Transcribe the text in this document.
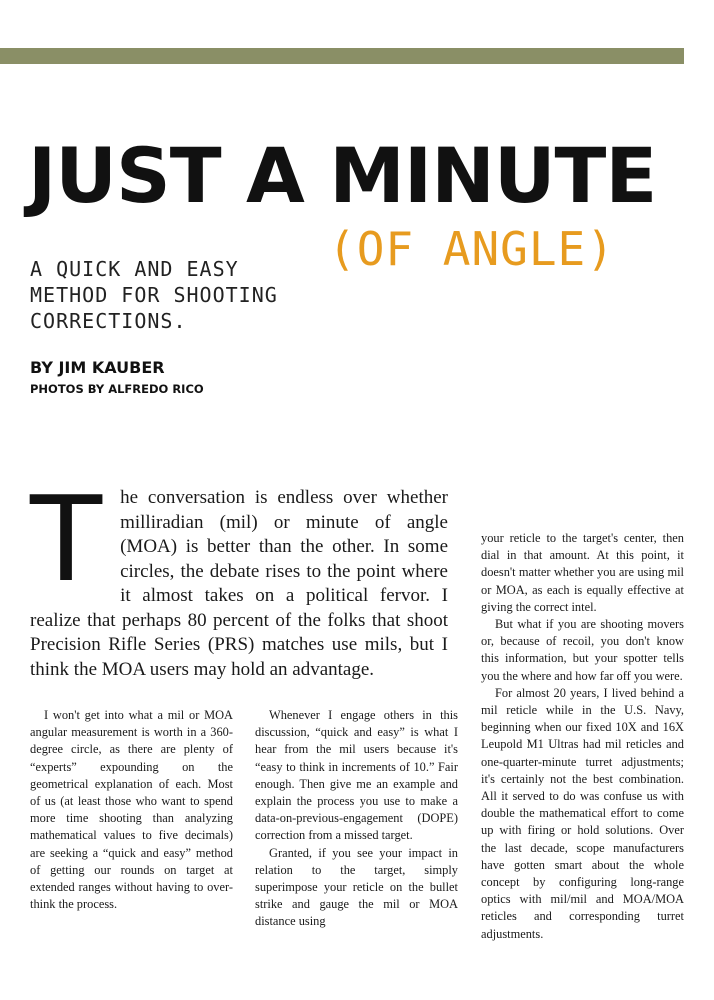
JUST A MINUTE
(OF ANGLE)
A QUICK AND EASY
METHOD FOR SHOOTING
CORRECTIONS.
BY JIM KAUBER
PHOTOS BY ALFREDO RICO
T he conversation is endless over whether milliradian (mil) or minute of angle (MOA) is better than the other. In some circles, the debate rises to the point where it almost takes on a political fervor. I realize that perhaps 80 percent of the folks that shoot Precision Rifle Series (PRS) matches use mils, but I think the MOA users may hold an advantage.

I won't get into what a mil or MOA angular measurement is worth in a 360-degree circle, as there are plenty of “experts” expounding on the geometrical explanation of each. Most of us (at least those who want to spend more time shooting than analyzing mathematical values to five decimals) are seeking a “quick and easy” method of getting our rounds on target at extended ranges without having to over-think the process.

Whenever I engage others in this discussion, “quick and easy” is what I hear from the mil users because it's “easy to think in increments of 10.” Fair enough. Then give me an example and explain the process you use to make a data-on-previous-engagement (DOPE) correction from a missed target.

Granted, if you see your impact in relation to the target, simply superimpose your reticle on the bullet strike and gauge the mil or MOA distance using

your reticle to the target's center, then dial in that amount. At this point, it doesn't matter whether you are using mil or MOA, as each is equally effective at giving the correct intel.

But what if you are shooting movers or, because of recoil, you don't know this information, but your spotter tells you the where and how far off you were.

For almost 20 years, I lived behind a mil reticle while in the U.S. Navy, beginning when our fixed 10X and 16X Leupold M1 Ultras had mil reticles and one-quarter-minute turret adjustments; it's certainly not the best combination. All it served to do was confuse us with double the mathematical effort to come up with firing or hold solutions. Over the last decade, scope manufacturers have gotten smart about the whole concept by configuring long-range optics with mil/mil and MOA/MOA reticles and corresponding turret adjustments.
